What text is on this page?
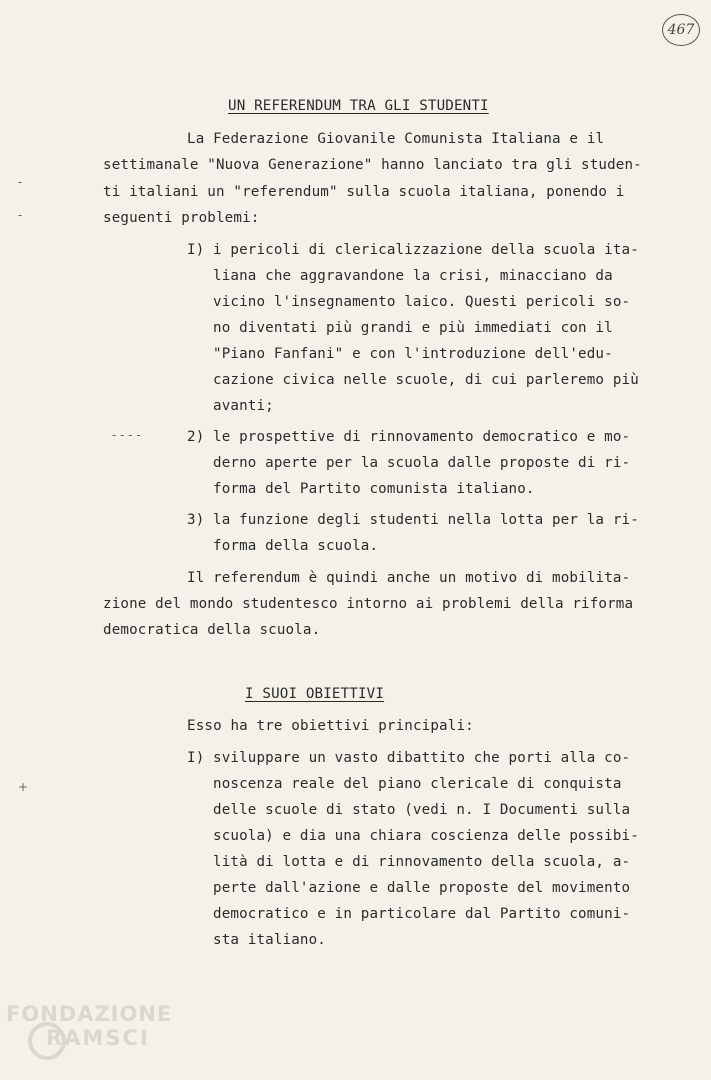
467
UN REFERENDUM TRA GLI STUDENTI
La Federazione Giovanile Comunista Italiana e il
settimanale "Nuova Generazione" hanno lanciato tra gli studen-
ti italiani un "referendum" sulla scuola italiana, ponendo i
seguenti problemi:
I) i pericoli di clericalizzazione della scuola ita-
liana che aggravandone la crisi, minacciano da
vicino l'insegnamento laico. Questi pericoli so-
no diventati più grandi e più immediati con il
"Piano Fanfani" e con l'introduzione dell'edu-
cazione civica nelle scuole, di cui parleremo più
avanti;
2) le prospettive di rinnovamento democratico e mo-
derno aperte per la scuola dalle proposte di ri-
forma del Partito comunista italiano.
3) la funzione degli studenti nella lotta per la ri-
forma della scuola.
Il referendum è quindi anche un motivo di mobilita-
zione del mondo studentesco intorno ai problemi della riforma
democratica della scuola.
I SUOI OBIETTIVI
Esso ha tre obiettivi principali:
I) sviluppare un vasto dibattito che porti alla co-
noscenza reale del piano clericale di conquista
delle scuole di stato (vedi n. I Documenti sulla
scuola) e dia una chiara coscienza delle possibi-
lità di lotta e di rinnovamento della scuola, a-
perte dall'azione e dalle proposte del movimento
democratico e in particolare dal Partito comuni-
sta italiano.
-
-
- - - -
+
FONDAZIONE
RAMSCI
